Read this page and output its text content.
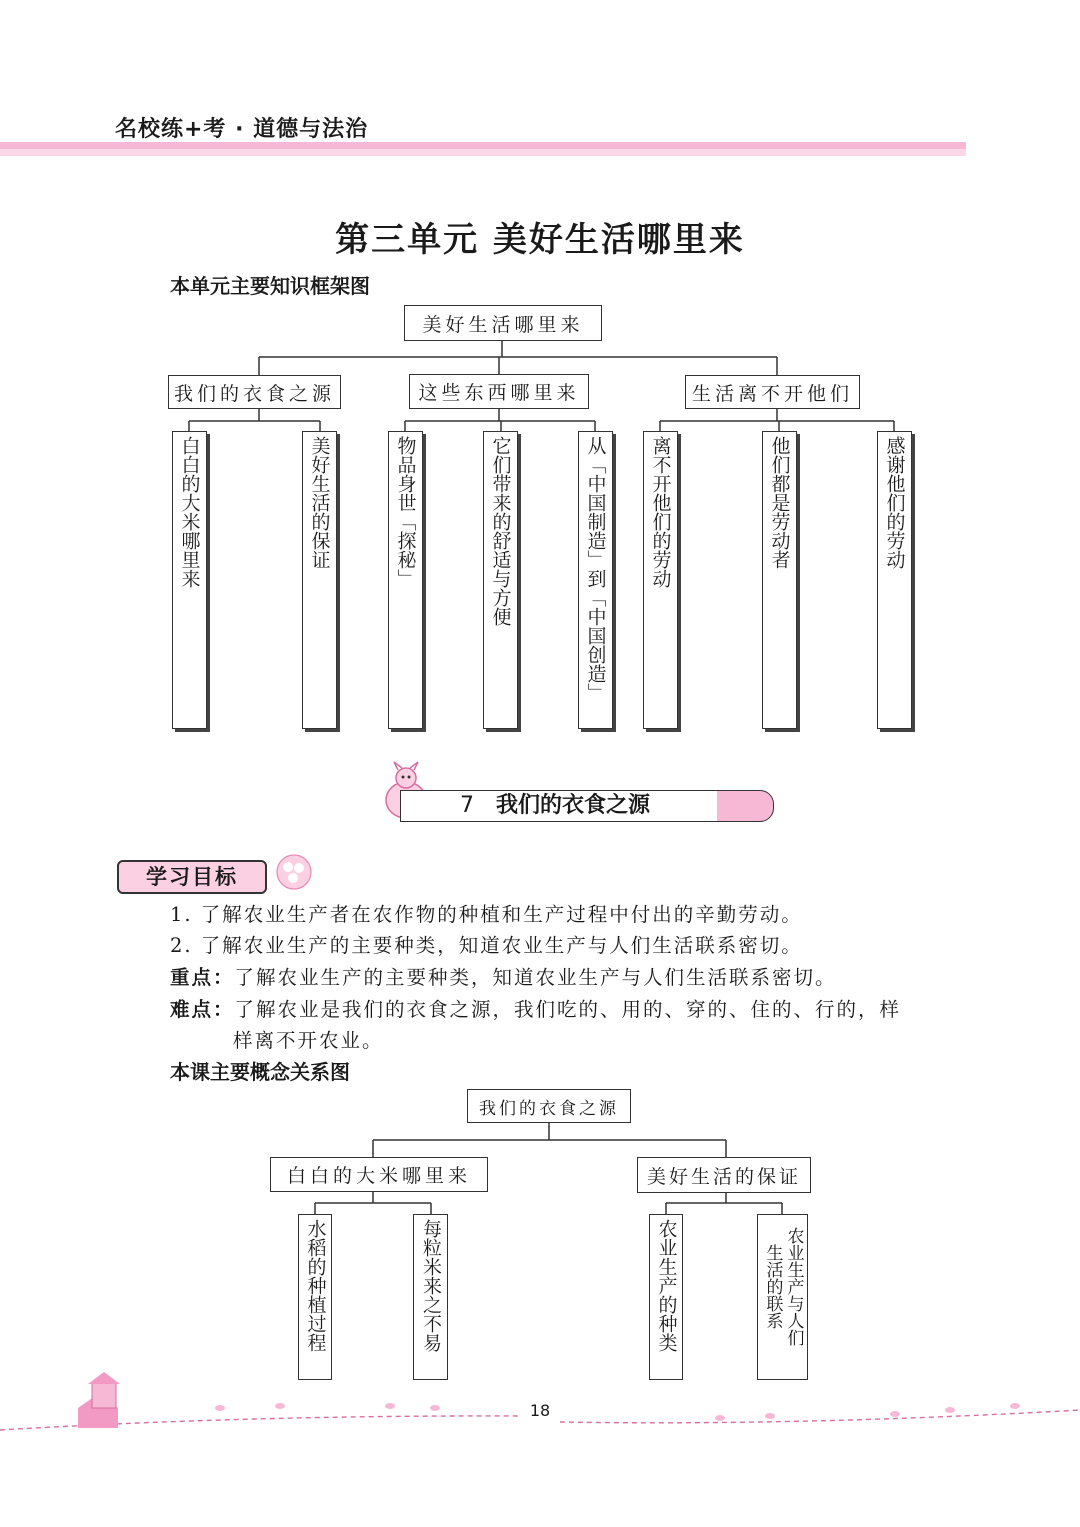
名校练+考 · 道德与法治
第三单元 美好生活哪里来
本单元主要知识框架图
美好生活哪里来
我们的衣食之源	这些东西哪里来	生活离不开他们
白白的大米哪里来	美好生活的保证	物品身世「探秘」	它们带来的舒适与方便	从「中国制造」到「中国创造」	离不开他们的劳动	他们都是劳动者	感谢他们的劳动
7 我们的衣食之源
学习目标
1. 了解农业生产者在农作物的种植和生产过程中付出的辛勤劳动。
2. 了解农业生产的主要种类，知道农业生产与人们生活联系密切。
重点：了解农业生产的主要种类，知道农业生产与人们生活联系密切。
难点：了解农业是我们的衣食之源，我们吃的、用的、穿的、住的、行的，样
样离不开农业。
本课主要概念关系图
我们的衣食之源
白白的大米哪里来	美好生活的保证
水稻的种植过程	每粒米来之不易	农业生产的种类	农业生产与人们生活的联系
18
